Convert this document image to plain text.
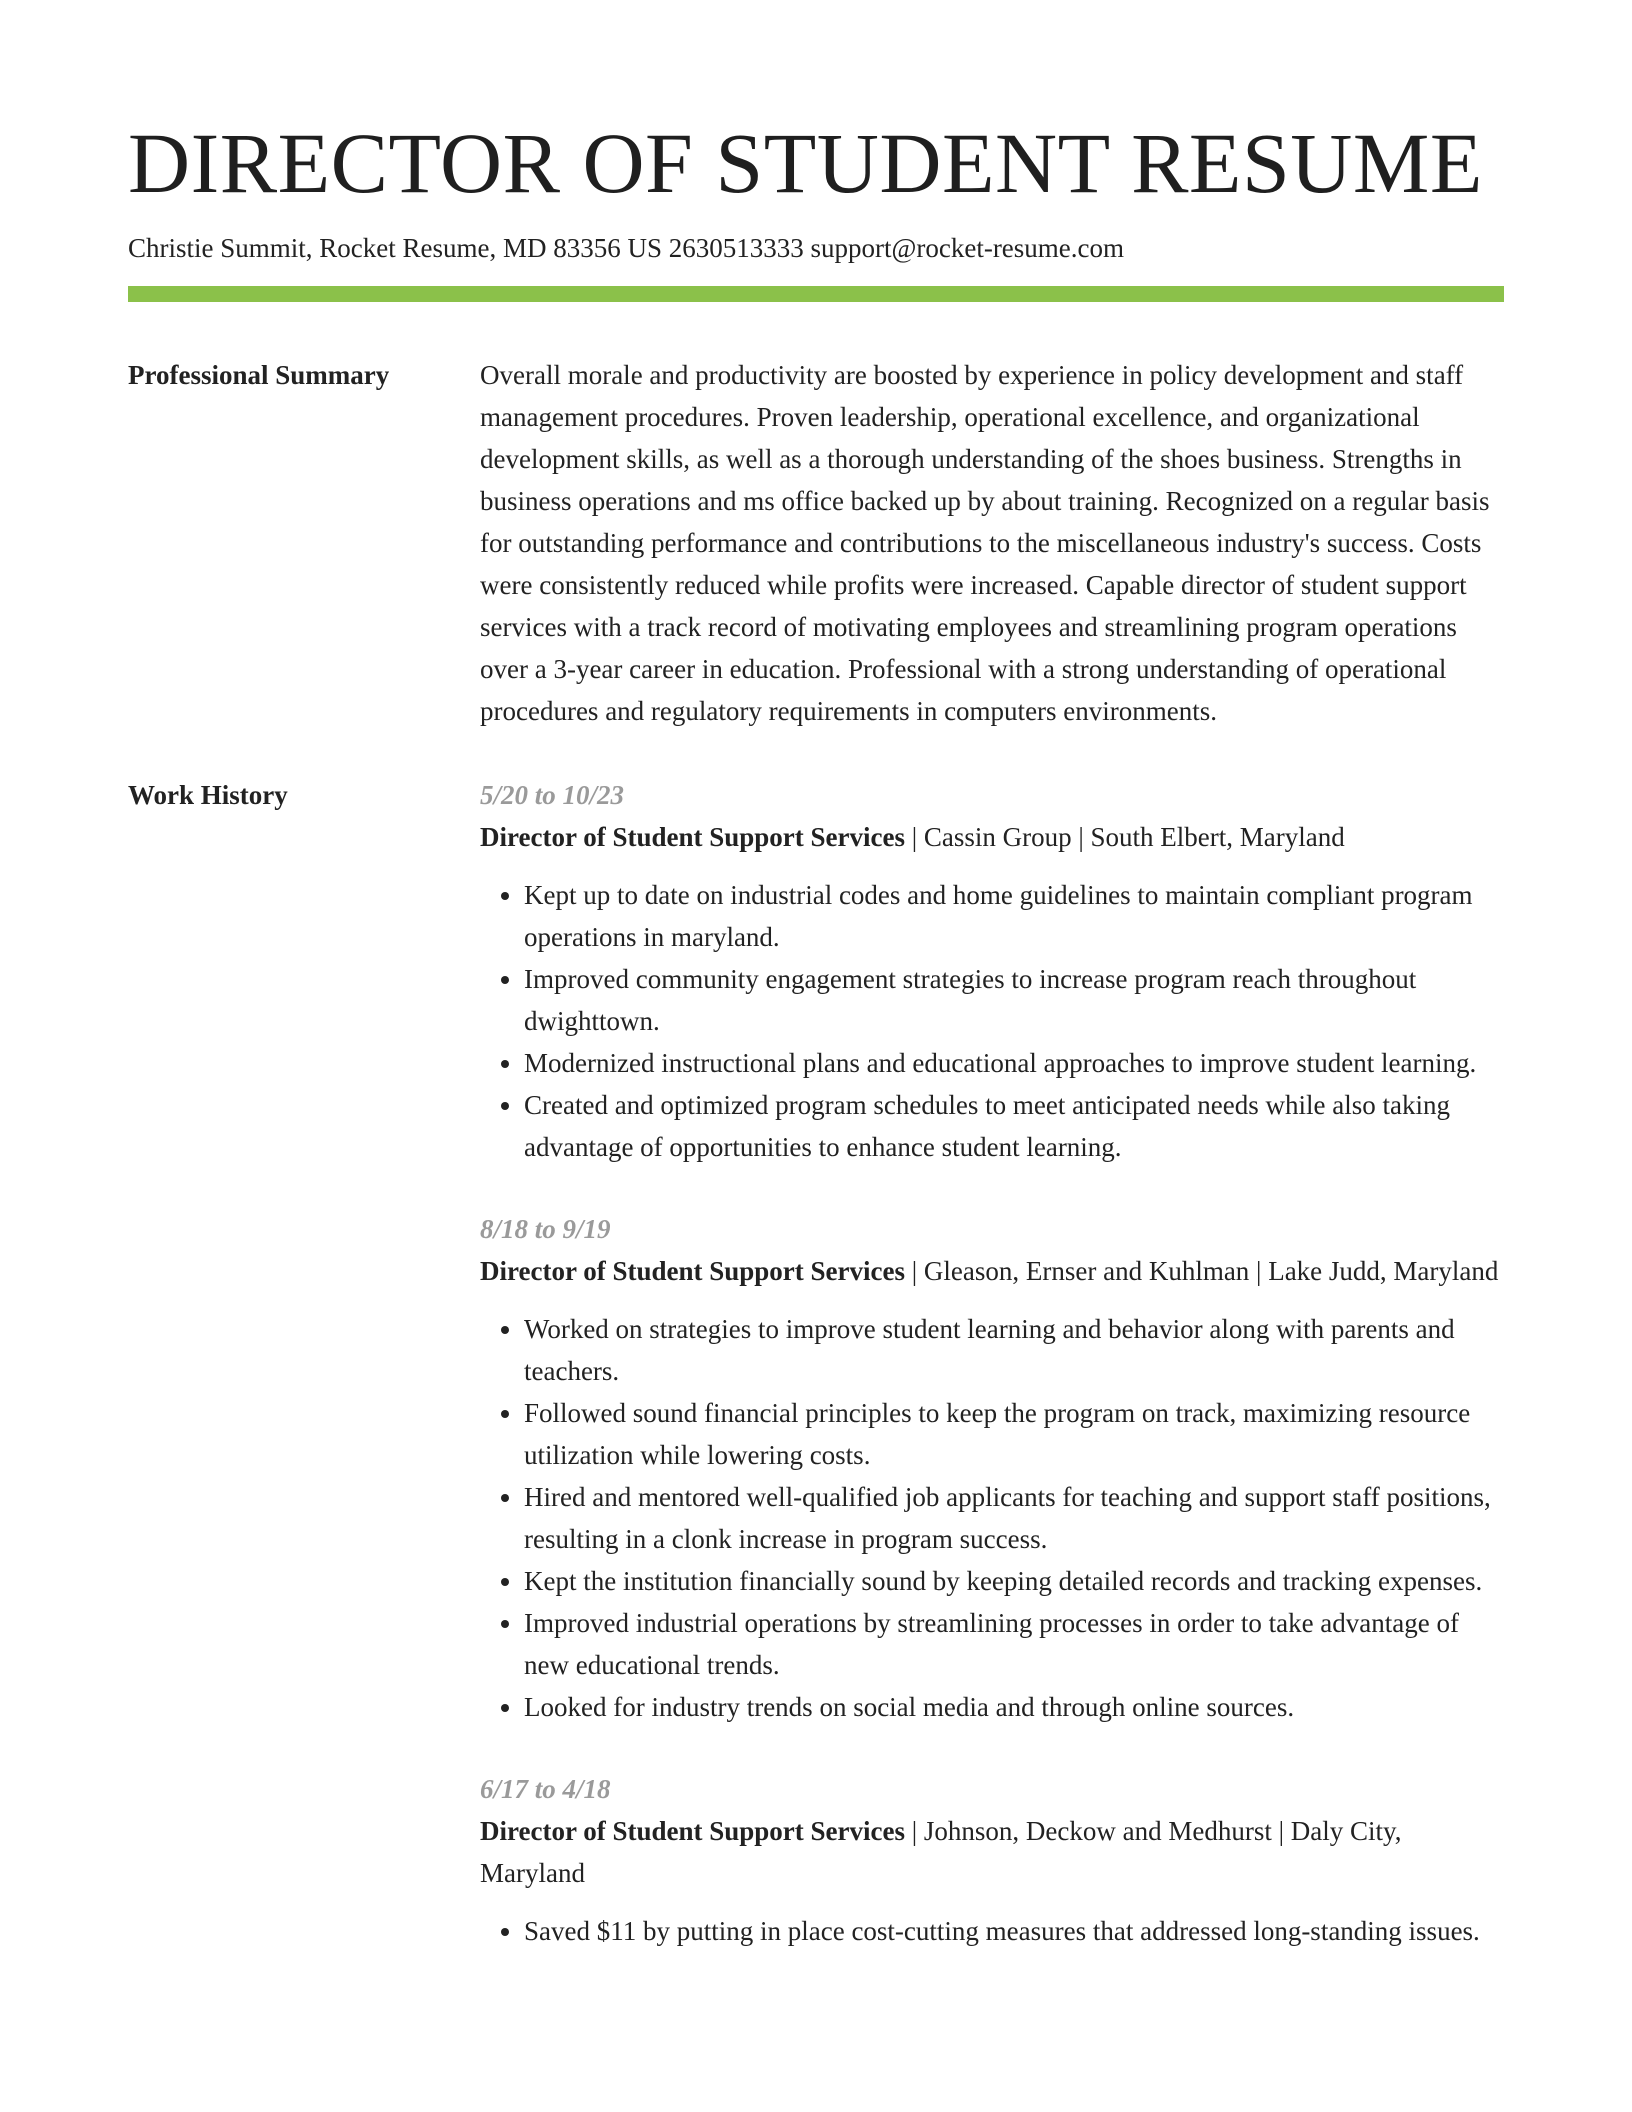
DIRECTOR OF STUDENT RESUME
Christie Summit, Rocket Resume, MD 83356 US 2630513333 support@rocket-resume.com
Professional Summary	Overall morale and productivity are boosted by experience in policy development and staff management procedures. Proven leadership, operational excellence, and organizational development skills, as well as a thorough understanding of the shoes business. Strengths in business operations and ms office backed up by about training. Recognized on a regular basis for outstanding performance and contributions to the miscellaneous industry's success. Costs were consistently reduced while profits were increased. Capable director of student support services with a track record of motivating employees and streamlining program operations over a 3-year career in education. Professional with a strong understanding of operational procedures and regulatory requirements in computers environments.
Work History	5/20 to 10/23
Director of Student Support Services | Cassin Group | South Elbert, Maryland
• Kept up to date on industrial codes and home guidelines to maintain compliant program operations in maryland.
• Improved community engagement strategies to increase program reach throughout dwighttown.
• Modernized instructional plans and educational approaches to improve student learning.
• Created and optimized program schedules to meet anticipated needs while also taking advantage of opportunities to enhance student learning.
8/18 to 9/19
Director of Student Support Services | Gleason, Ernser and Kuhlman | Lake Judd, Maryland
• Worked on strategies to improve student learning and behavior along with parents and teachers.
• Followed sound financial principles to keep the program on track, maximizing resource utilization while lowering costs.
• Hired and mentored well-qualified job applicants for teaching and support staff positions, resulting in a clonk increase in program success.
• Kept the institution financially sound by keeping detailed records and tracking expenses.
• Improved industrial operations by streamlining processes in order to take advantage of new educational trends.
• Looked for industry trends on social media and through online sources.
6/17 to 4/18
Director of Student Support Services | Johnson, Deckow and Medhurst | Daly City, Maryland
• Saved $11 by putting in place cost-cutting measures that addressed long-standing issues.
